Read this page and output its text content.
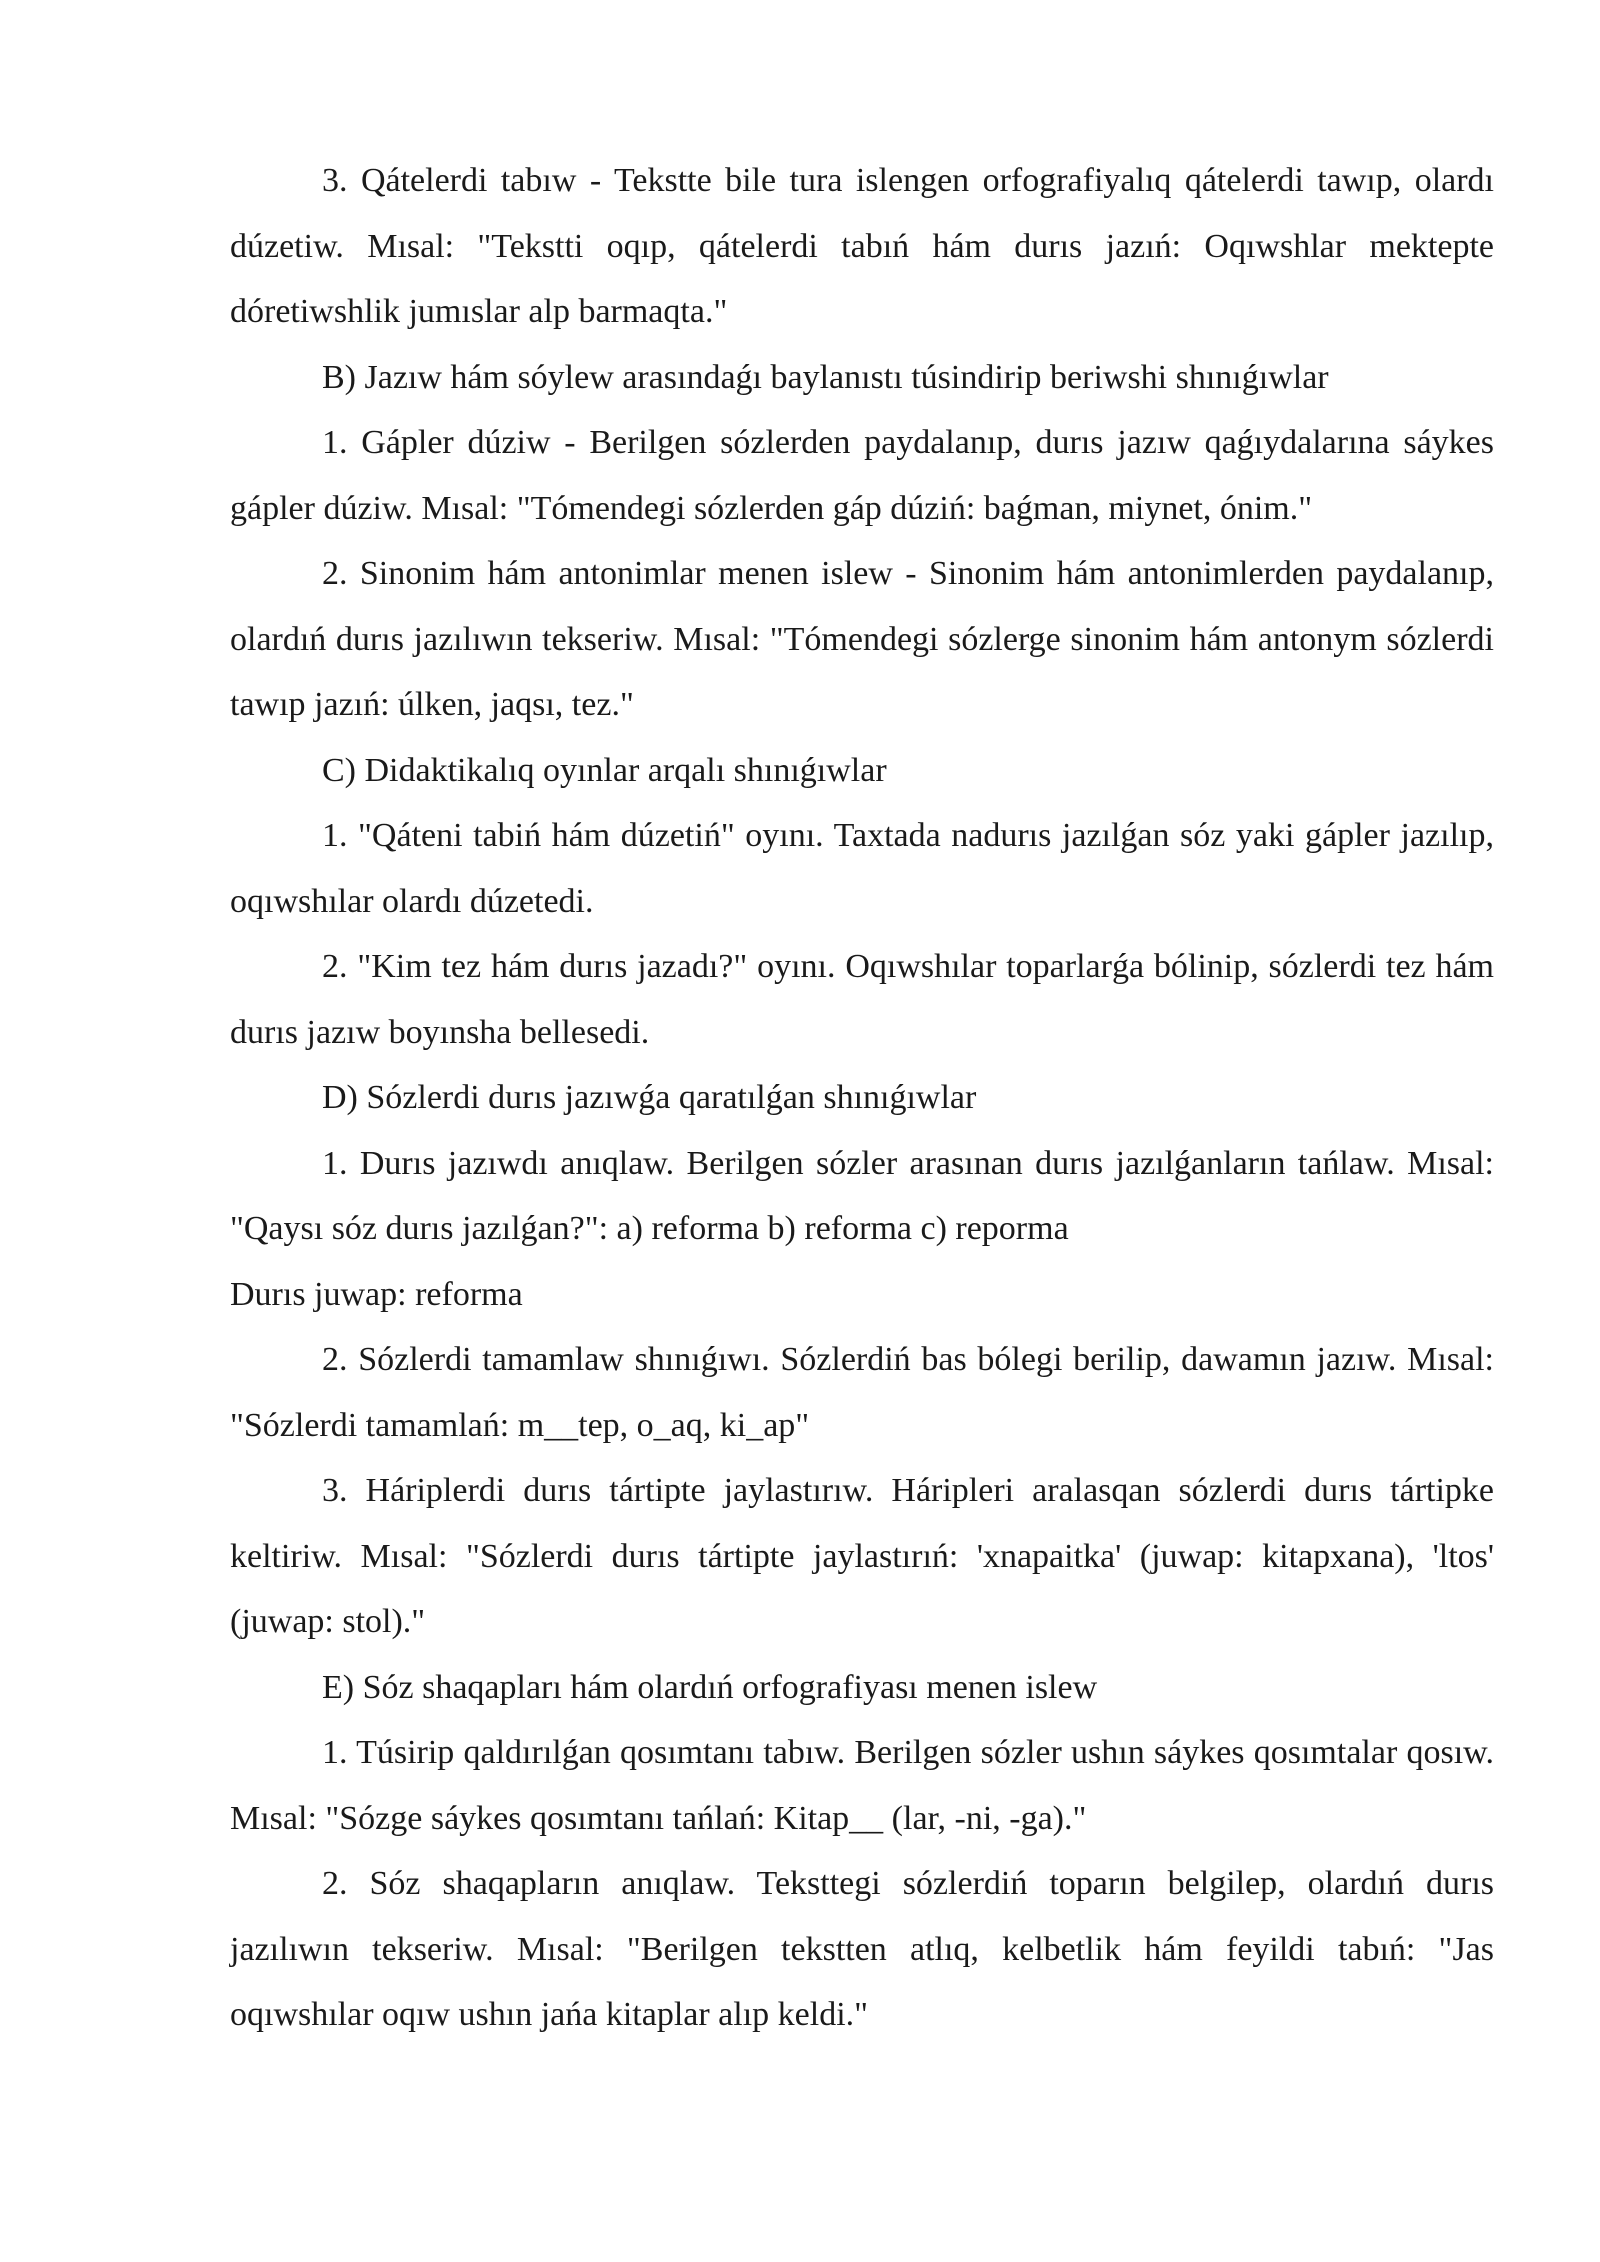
3. Qátelerdi tabıw - Tekstte bile tura islengen orfografiyalıq qátelerdi tawıp, olardı dúzetiw. Mısal: "Tekstti oqıp, qátelerdi tabıń hám durıs jazıń: Oqıwshlar mektepte dóretiwshlik jumıslar alp barmaqta."

B) Jazıw hám sóylew arasındaǵı baylanıstı túsindirip beriwshi shınıǵıwlar

1. Gápler dúziw - Berilgen sózlerden paydalanıp, durıs jazıw qaǵıydalarına sáykes gápler dúziw. Mısal: "Tómendegi sózlerden gáp dúziń: baǵman, miynet, ónim."

2. Sinonim hám antonimlar menen islew - Sinonim hám antonimlerden paydalanıp, olardıń durıs jazılıwın tekseriw. Mısal: "Tómendegi sózlerge sinonim hám antonym sózlerdi tawıp jazıń: úlken, jaqsı, tez."

C) Didaktikalıq oyınlar arqalı shınıǵıwlar

1. "Qáteni tabiń hám dúzetiń" oyını. Taxtada nadurıs jazılǵan sóz yaki gápler jazılıp, oqıwshılar olardı dúzetedi.

2. "Kim tez hám durıs jazadı?" oyını. Oqıwshılar toparlarǵa bólinip, sózlerdi tez hám durıs jazıw boyınsha bellesedi.

D) Sózlerdi durıs jazıwǵa qaratılǵan shınıǵıwlar

1. Durıs jazıwdı anıqlaw. Berilgen sózler arasınan durıs jazılǵanların tańlaw. Mısal: "Qaysı sóz durıs jazılǵan?": a) reforma b) reforma c) reporma

Durıs juwap: reforma

2. Sózlerdi tamamlaw shınıǵıwı. Sózlerdiń bas bólegi berilip, dawamın jazıw. Mısal: "Sózlerdi tamamlań: m__tep, o_aq, ki_ap"

3. Háriplerdi durıs tártipte jaylastırıw. Háripleri aralasqan sózlerdi durıs tártipke keltiriw. Mısal: "Sózlerdi durıs tártipte jaylastırıń: 'xnapaitka' (juwap: kitapxana), 'ltos' (juwap: stol)."

E) Sóz shaqapları hám olardıń orfografiyası menen islew

1. Túsirip qaldırılǵan qosımtanı tabıw. Berilgen sózler ushın sáykes qosımtalar qosıw. Mısal: "Sózge sáykes qosımtanı tańlań: Kitap__ (lar, -ni, -ga)."

2. Sóz shaqapların anıqlaw. Teksttegi sózlerdiń toparın belgilep, olardıń durıs jazılıwın tekseriw. Mısal: "Berilgen tekstten atlıq, kelbetlik hám feyildi tabıń: "Jas oqıwshılar oqıw ushın jańa kitaplar alıp keldi."
